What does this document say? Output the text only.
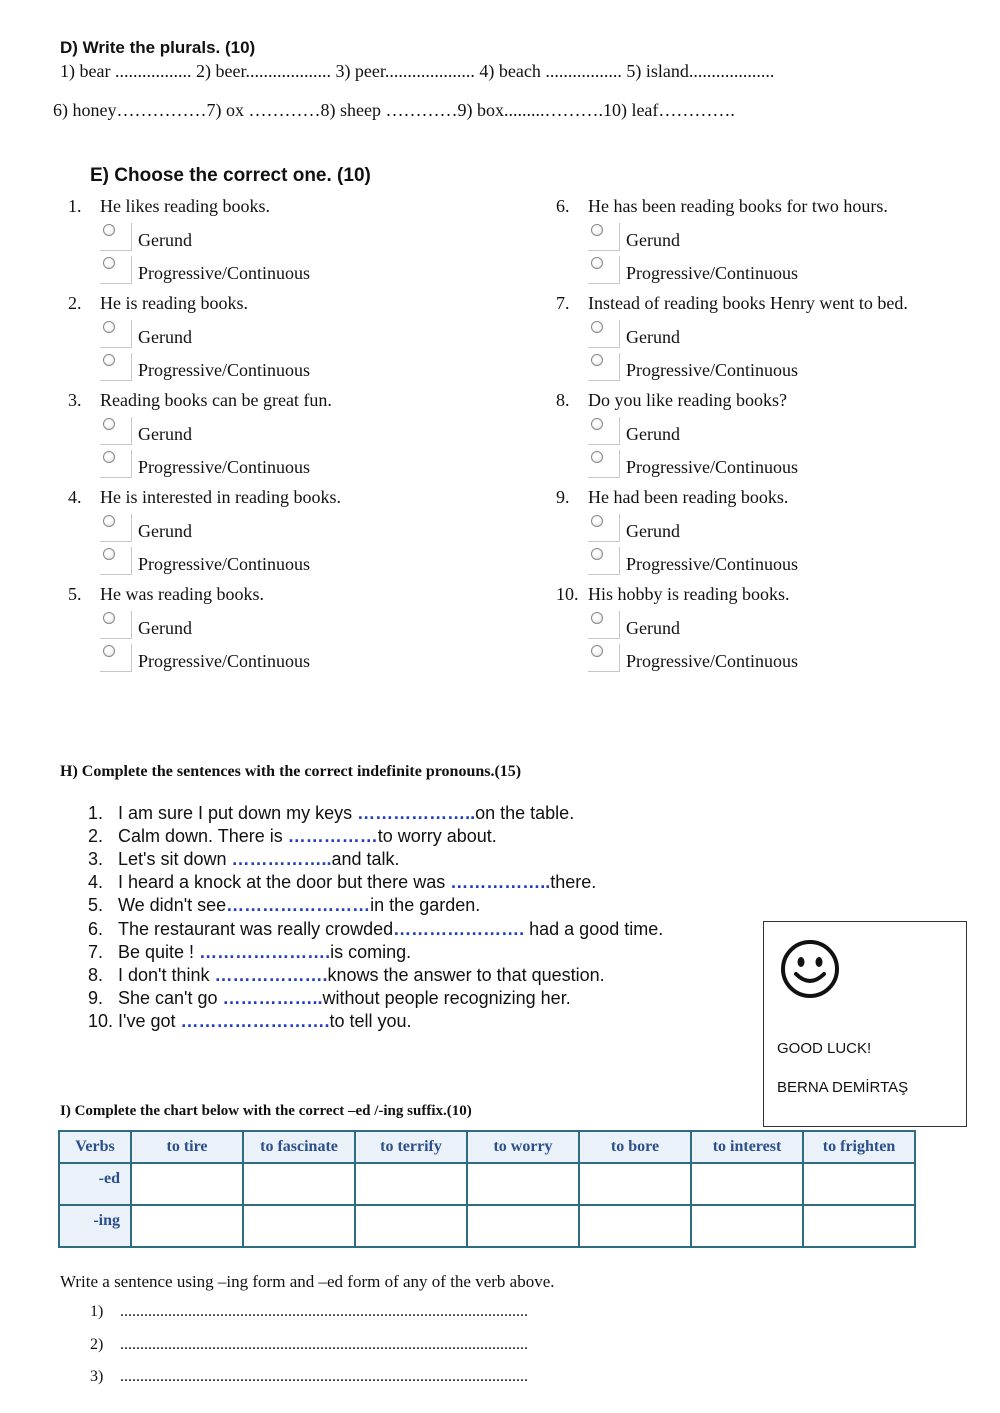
D) Write the plurals. (10)
1) bear ................. 2) beer................... 3) peer.................... 4) beach ................. 5) island...................
6) honey……………7) ox …………8) sheep …………9) box.........……….10) leaf………….
E) Choose the correct one. (10)
1. He likes reading books.
Gerund
Progressive/Continuous
2. He is reading books.
Gerund
Progressive/Continuous
3. Reading books can be great fun.
Gerund
Progressive/Continuous
4. He is interested in reading books.
Gerund
Progressive/Continuous
5. He was reading books.
Gerund
Progressive/Continuous
6. He has been reading books for two hours.
Gerund
Progressive/Continuous
7. Instead of reading books Henry went to bed.
Gerund
Progressive/Continuous
8. Do you like reading books?
Gerund
Progressive/Continuous
9. He had been reading books.
Gerund
Progressive/Continuous
10. His hobby is reading books.
Gerund
Progressive/Continuous
H) Complete the sentences with the correct indefinite pronouns.(15)
1. I am sure I put down my keys ………………..on the table.
2. Calm down. There is ……………to worry about.
3. Let's sit down ……………..and talk.
4. I heard a knock at the door but there was ……………..there.
5. We didn't see……………………in the garden.
6. The restaurant was really crowded…………………. had a good time.
7. Be quite ! ………………….is coming.
8. I don't think ……………….knows the answer to that question.
9. She can't go ……………..without people recognizing her.
10. I've got …………………….to tell you.
GOOD LUCK!
BERNA DEMİRTAŞ
I) Complete the chart below with the correct –ed /-ing suffix.(10)
Verbs	to tire	to fascinate	to terrify	to worry	to bore	to interest	to frighten
-ed							
-ing							
Write a sentence using –ing form and –ed form of any of the verb above.
1) ......................................................................................................
2) ......................................................................................................
3) ......................................................................................................
